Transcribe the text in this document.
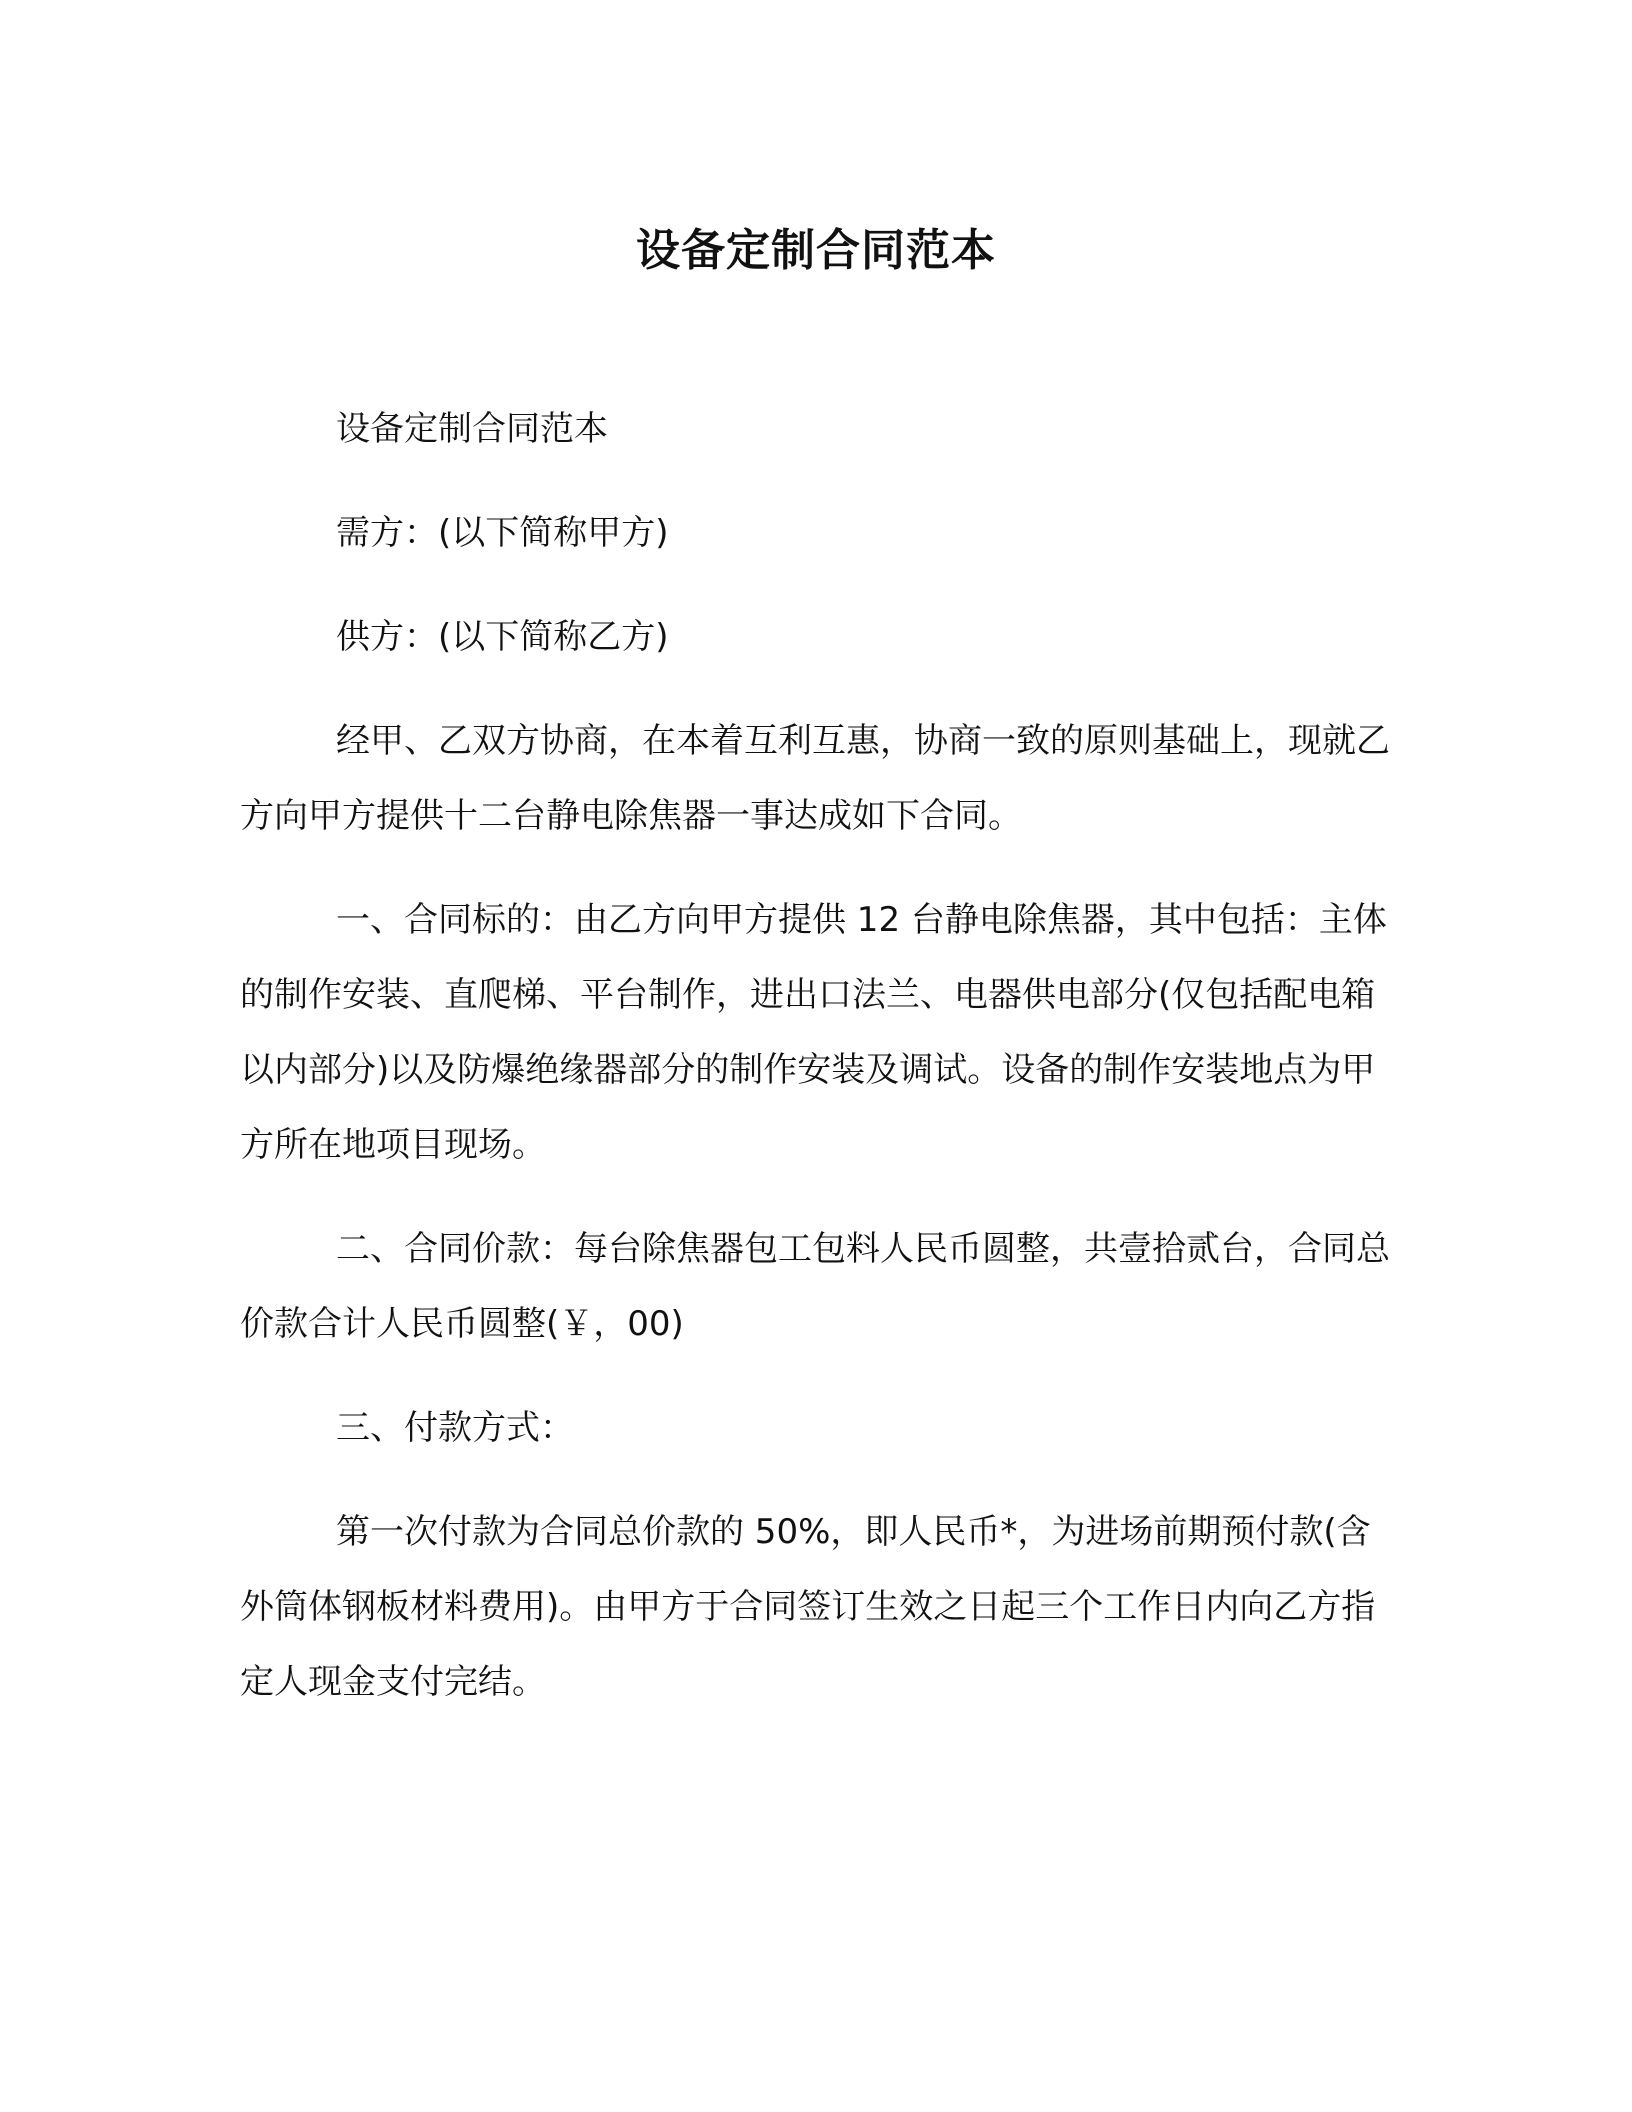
设备定制合同范本

设备定制合同范本

需方：(以下简称甲方)

供方：(以下简称乙方)

经甲、乙双方协商，在本着互利互惠，协商一致的原则基础上，现就乙方向甲方提供十二台静电除焦器一事达成如下合同。

一、合同标的：由乙方向甲方提供 12 台静电除焦器，其中包括：主体的制作安装、直爬梯、平台制作，进出口法兰、电器供电部分(仅包括配电箱以内部分)以及防爆绝缘器部分的制作安装及调试。设备的制作安装地点为甲方所在地项目现场。

二、合同价款：每台除焦器包工包料人民币圆整，共壹拾贰台，合同总价款合计人民币圆整(￥，00)

三、付款方式：

第一次付款为合同总价款的 50%，即人民币*，为进场前期预付款(含外筒体钢板材料费用)。由甲方于合同签订生效之日起三个工作日内向乙方指定人现金支付完结。
